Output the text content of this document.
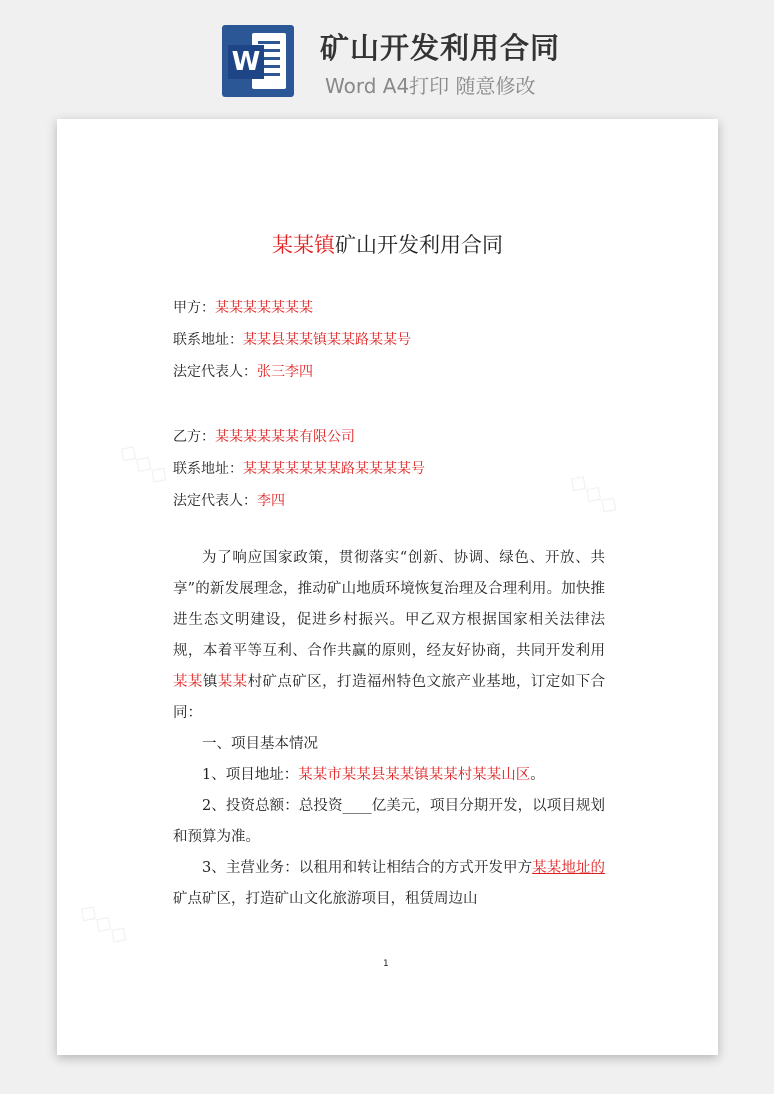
W 矿山开发利用合同
Word A4打印 随意修改
◇◇◇
◇◇◇
◇◇◇
某某镇矿山开发利用合同
甲方：某某某某某某某
联系地址：某某县某某镇某某路某某号
法定代表人：张三李四
乙方：某某某某某某有限公司
联系地址：某某某某某某某路某某某某号
法定代表人：李四
为了响应国家政策，贯彻落实“创新、协调、绿色、开放、共享”的新发展理念，推动矿山地质环境恢复治理及合理利用。加快推进生态文明建设，促进乡村振兴。甲乙双方根据国家相关法律法规，本着平等互利、合作共赢的原则，经友好协商，共同开发利用某某镇某某村矿点矿区，打造福州特色文旅产业基地，订定如下合同：
一、项目基本情况
1、项目地址：某某市某某县某某镇某某村某某山区。
2、投资总额：总投资____亿美元，项目分期开发，以项目规划和预算为准。
3、主营业务：以租用和转让相结合的方式开发甲方某某地址的矿点矿区，打造矿山文化旅游项目，租赁周边山
1
